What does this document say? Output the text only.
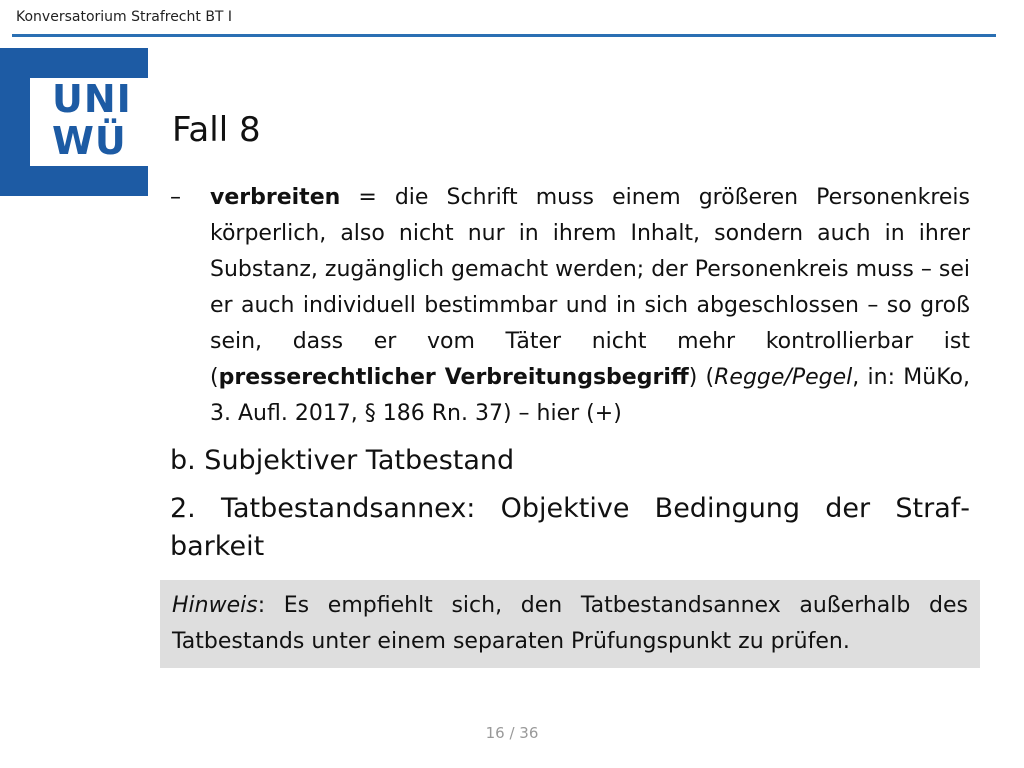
Konversatorium Strafrecht BT I
UNI
WÜ	Fall 8
–	verbreiten = die Schrift muss einem größeren Personenkreis körperlich, also nicht nur in ihrem Inhalt, sondern auch in ihrer Substanz, zugänglich gemacht werden; der Personenkreis muss – sei er auch individuell bestimmbar und in sich abgeschlossen – so groß sein, dass er vom Täter nicht mehr kontrollierbar ist (presserechtlicher Verbreitungsbegriff) (Regge/Pegel, in: MüKo, 3. Aufl. 2017, § 186 Rn. 37) – hier (+)
b. Subjektiver Tatbestand
2. Tatbestandsannex: Objektive Bedingung der Strafbarkeit
Hinweis: Es empfiehlt sich, den Tatbestandsannex außerhalb des Tatbestands unter einem separaten Prüfungspunkt zu prüfen.
16 / 36
